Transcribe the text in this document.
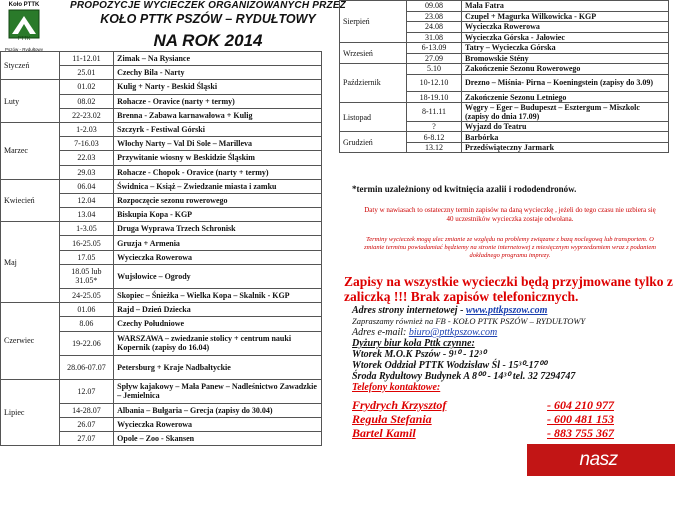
Koło PTTK
PTTK
Pszów - Rydułtowy
PROPOZYCJE WYCIECZEK ORGANIZOWANYCH PRZEZ
KOŁO PTTK PSZÓW – RYDUŁTOWY
NA ROK 2014
Styczeń	11-12.01	Zimak – Na Rysiance
	25.01	Czechy Bila - Narty
Luty	01.02	Kulig + Narty - Beskid Śląski
	08.02	Rohacze - Oravice (narty + termy)
	22-23.02	Brenna - Zabawa karnawałowa + Kulig
Marzec	1-2.03	Szczyrk - Festiwal Górski
	7-16.03	Włochy Narty – Val Di Sole – Marilleva
	22.03	Przywitanie wiosny w Beskidzie Śląskim
	29.03	Rohacze - Chopok - Oravice (narty + termy)
Kwiecień	06.04	Świdnica – Książ – Zwiedzanie miasta i zamku
	12.04	Rozpoczęcie sezonu rowerowego
	13.04	Biskupia Kopa - KGP
Maj	1-3.05	Druga Wyprawa Trzech Schronisk
	16-25.05	Gruzja + Armenia
	17.05	Wycieczka Rowerowa
	18.05 lub 31.05*	Wujsłowice – Ogrody
	24-25.05	Skopiec – Śnieżka – Wielka Kopa – Skalnik - KGP
Czerwiec	01.06	Rajd – Dzień Dziecka
	8.06	Czechy Południowe
	19-22.06	WARSZAWA – zwiedzanie stolicy + centrum nauki Kopernik (zapisy do 16.04)
	28.06-07.07	Petersburg + Kraje Nadbałtyckie
Lipiec	12.07	Spływ kajakowy – Mała Panew – Nadleśnictwo Zawadzkie – Jemielnica
	14-28.07	Albania – Bułgaria – Grecja (zapisy do 30.04)
	26.07	Wycieczka Rowerowa
	27.07	Opole – Zoo - Skansen
Sierpień	09.08	Mała Fatra
	23.08	Czupel + Magurka Wilkowicka - KGP
	24.08	Wycieczka Rowerowa
	31.08	Wycieczka Górska - Jałowiec
Wrzesień	6-13.09	Tatry – Wycieczka Górska
	27.09	Bromowskie Stény
Październik	5.10	Zakończenie Sezonu Rowerowego
	10-12.10	Drezno – Miśnia- Pirna – Koeningstein (zapisy do 3.09)
	18-19.10	Zakończenie Sezonu Letniego
Listopad	8-11.11	Węgry – Eger – Budupeszt – Esztergum – Miszkolc (zapisy do dnia 17.09)
	?	Wyjazd do Teatru
Grudzień	6-8.12	Barbórka
	13.12	Przedświąteczny Jarmark
*termin uzależniony od kwitnięcia azalii i rododendronów.
Daty w nawiasach to ostateczny termin zapisów na daną wycieczkę , jeżeli do tego czasu nie uzbiera się 40 uczestników wycieczka zostaje odwołana.
Terminy wycieczek mogą ulec zmianie ze względu na problemy związane z bazą noclegową lub transportem. O zmianie terminu powiadamiać będziemy na stronie internetowej z miesięcznym wyprzedzeniem wraz z podaniem dokładnego programu imprezy.
Zapisy na wszystkie wycieczki będą przyjmowane tylko z zaliczką !!! Brak zapisów telefonicznych.
Adres strony internetowej - www.pttkpszow.com
Zapraszamy również na FB - KOŁO PTTK PSZÓW – RYDUŁTOWY
Adres e-mail: biuro@pttkpszow.com
Dyżury biur koła Pttk czynne:
Wtorek M.O.K Pszów - 9¹⁰ - 12³⁰
Wtorek Oddział PTTK Wodzisław Śl - 15³⁰-17⁰⁰
Środa Rydułtowy Budynek A 8⁰⁰ - 14³⁰ tel. 32 7294747
Telefony kontaktowe:
Frydrych Krzysztof	- 604 210 977
Reguła Stefania	- 600 481 153
Bartel Kamil	- 883 755 367
nasz wodzisław.com
